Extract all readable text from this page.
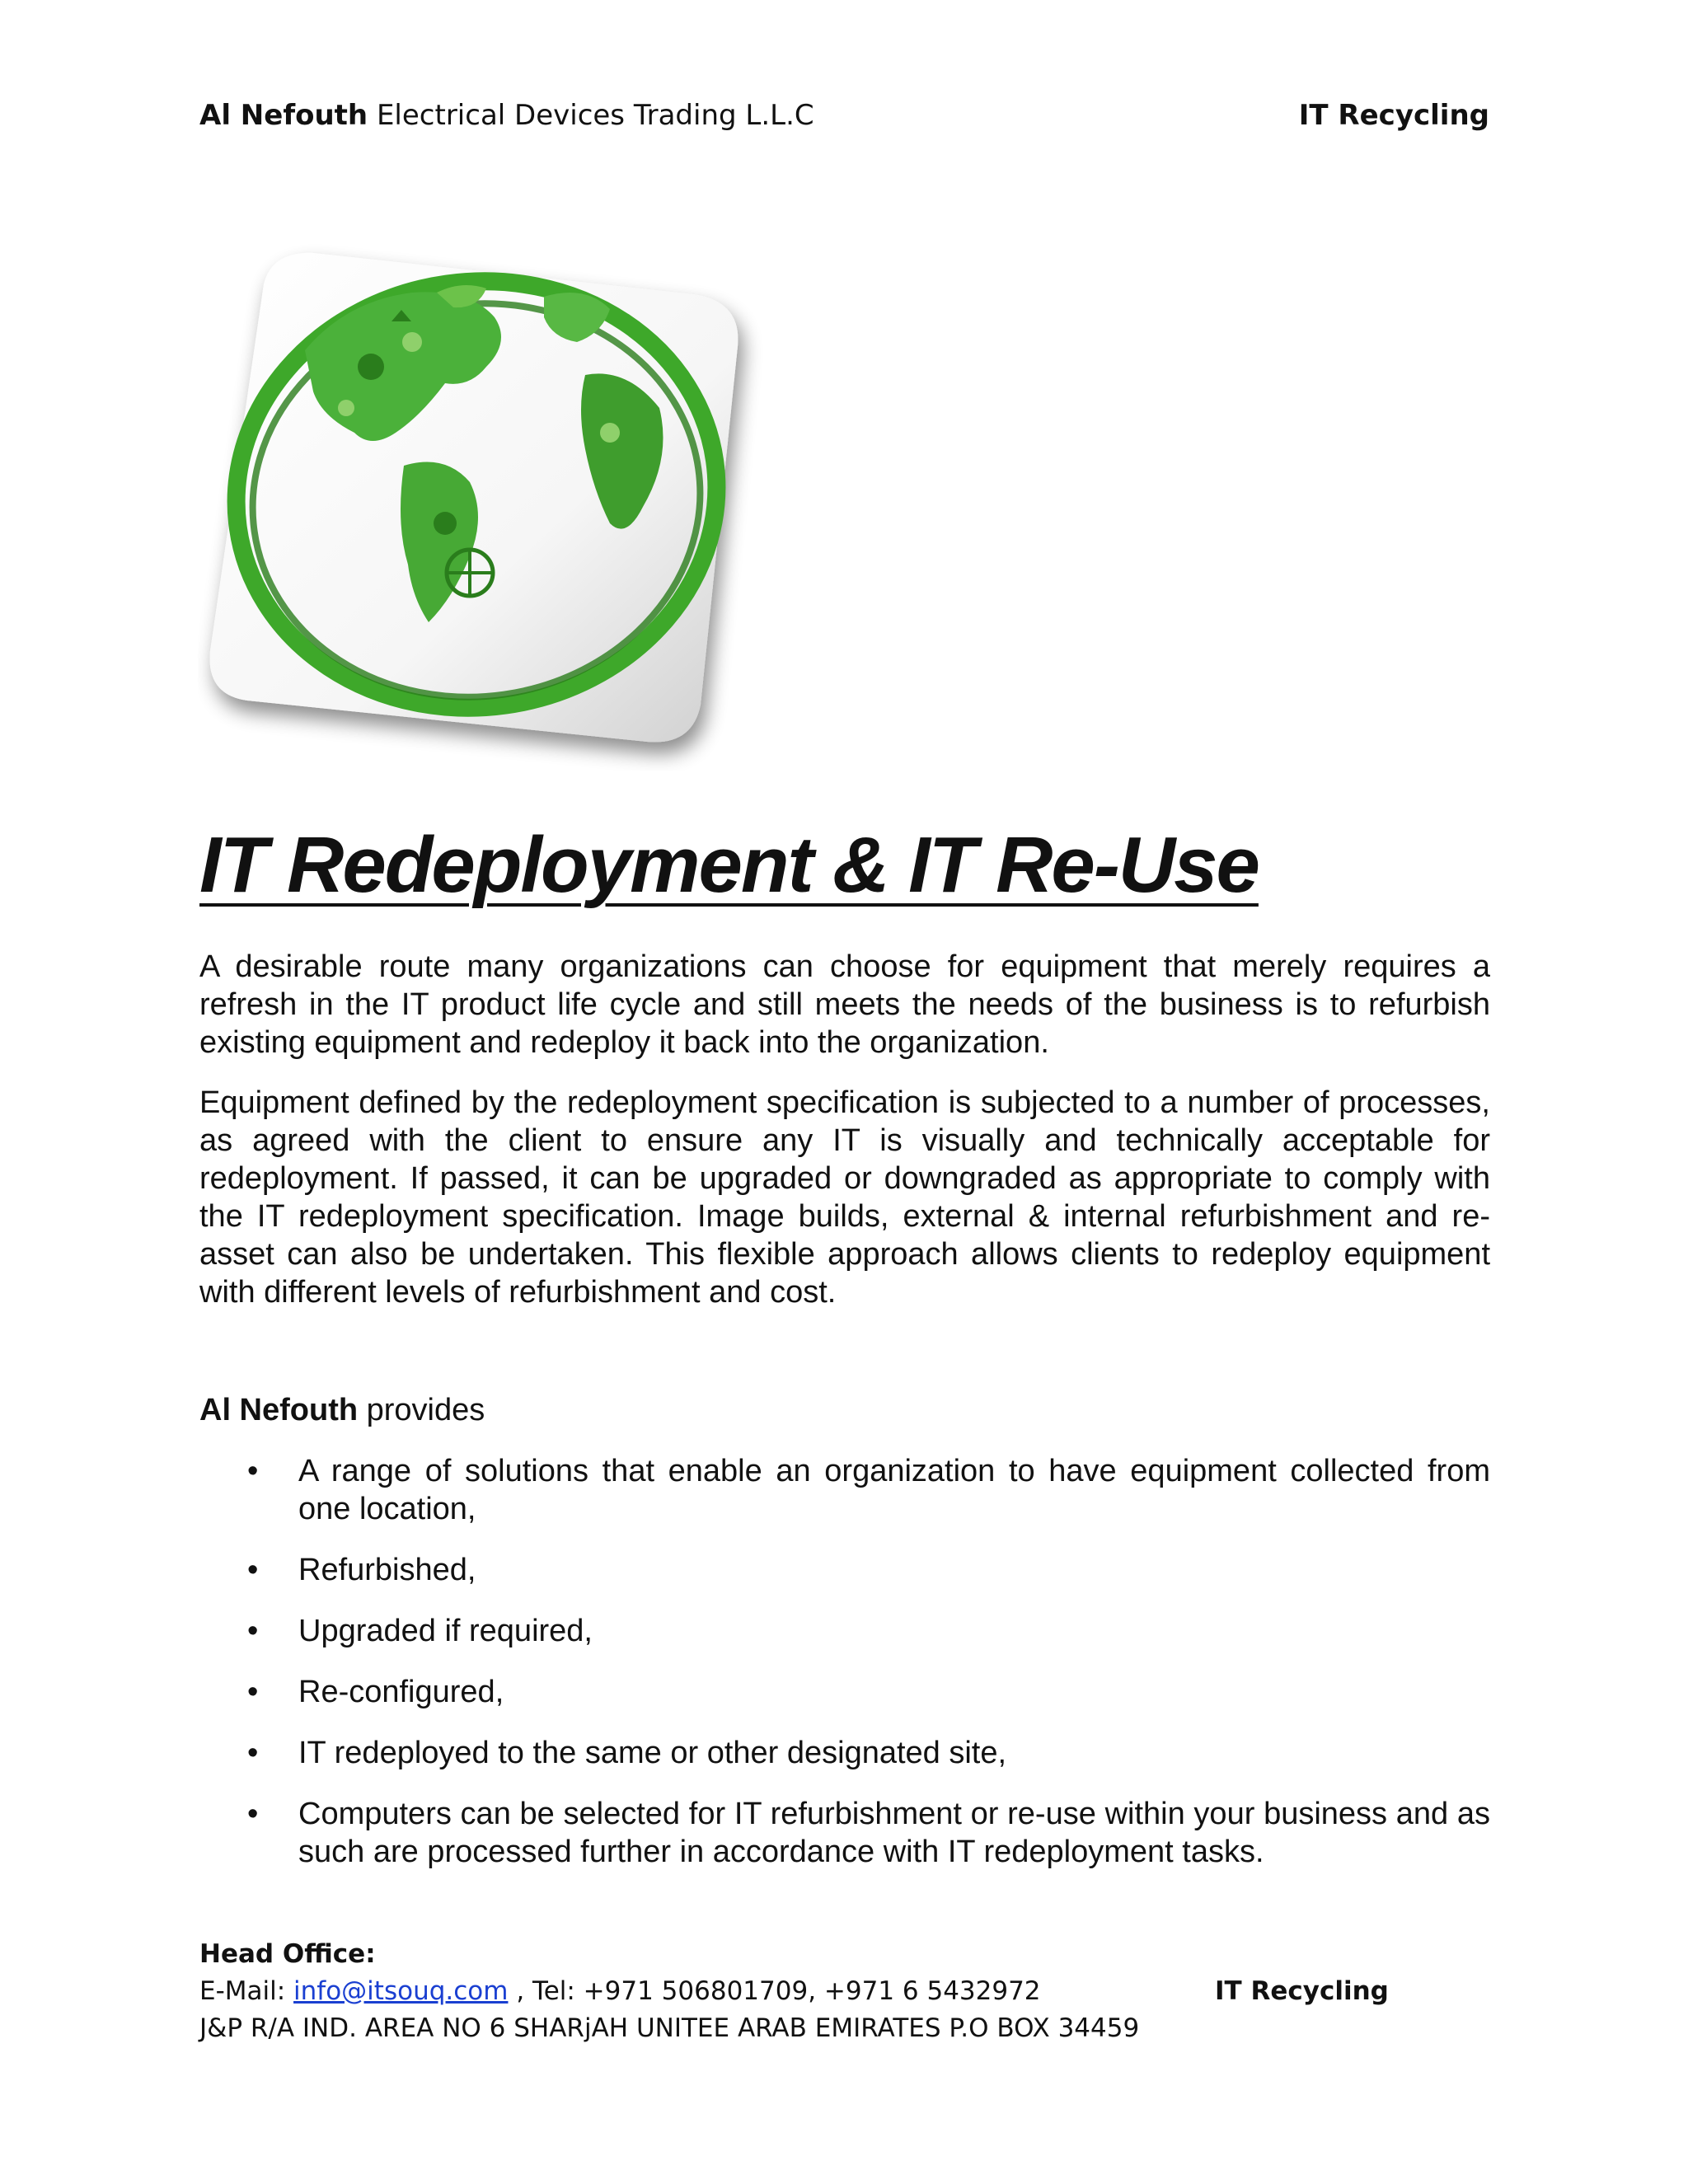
Al Nefouth Electrical Devices Trading L.L.C	IT Recycling
IT Redeployment & IT Re-Use
A desirable route many organizations can choose for equipment that merely requires a refresh in the IT product life cycle and still meets the needs of the business is to refurbish existing equipment and redeploy it back into the organization.
Equipment defined by the redeployment specification is subjected to a number of processes, as agreed with the client to ensure any IT is visually and technically acceptable for redeployment. If passed, it can be upgraded or downgraded as appropriate to comply with the IT redeployment specification. Image builds, external & internal refurbishment and re-asset can also be undertaken. This flexible approach allows clients to redeploy equipment with different levels of refurbishment and cost.
Al Nefouth provides
• A range of solutions that enable an organization to have equipment collected from one location,
• Refurbished,
• Upgraded if required,
• Re-configured,
• IT redeployed to the same or other designated site,
• Computers can be selected for IT refurbishment or re-use within your business and as such are processed further in accordance with IT redeployment tasks.
Head Office:
E-Mail: info@itsouq.com , Tel: +971 506801709, +971 6 5432972	IT Recycling
J&P R/A IND. AREA NO 6 SHARjAH UNITEE ARAB EMIRATES P.O BOX 34459
